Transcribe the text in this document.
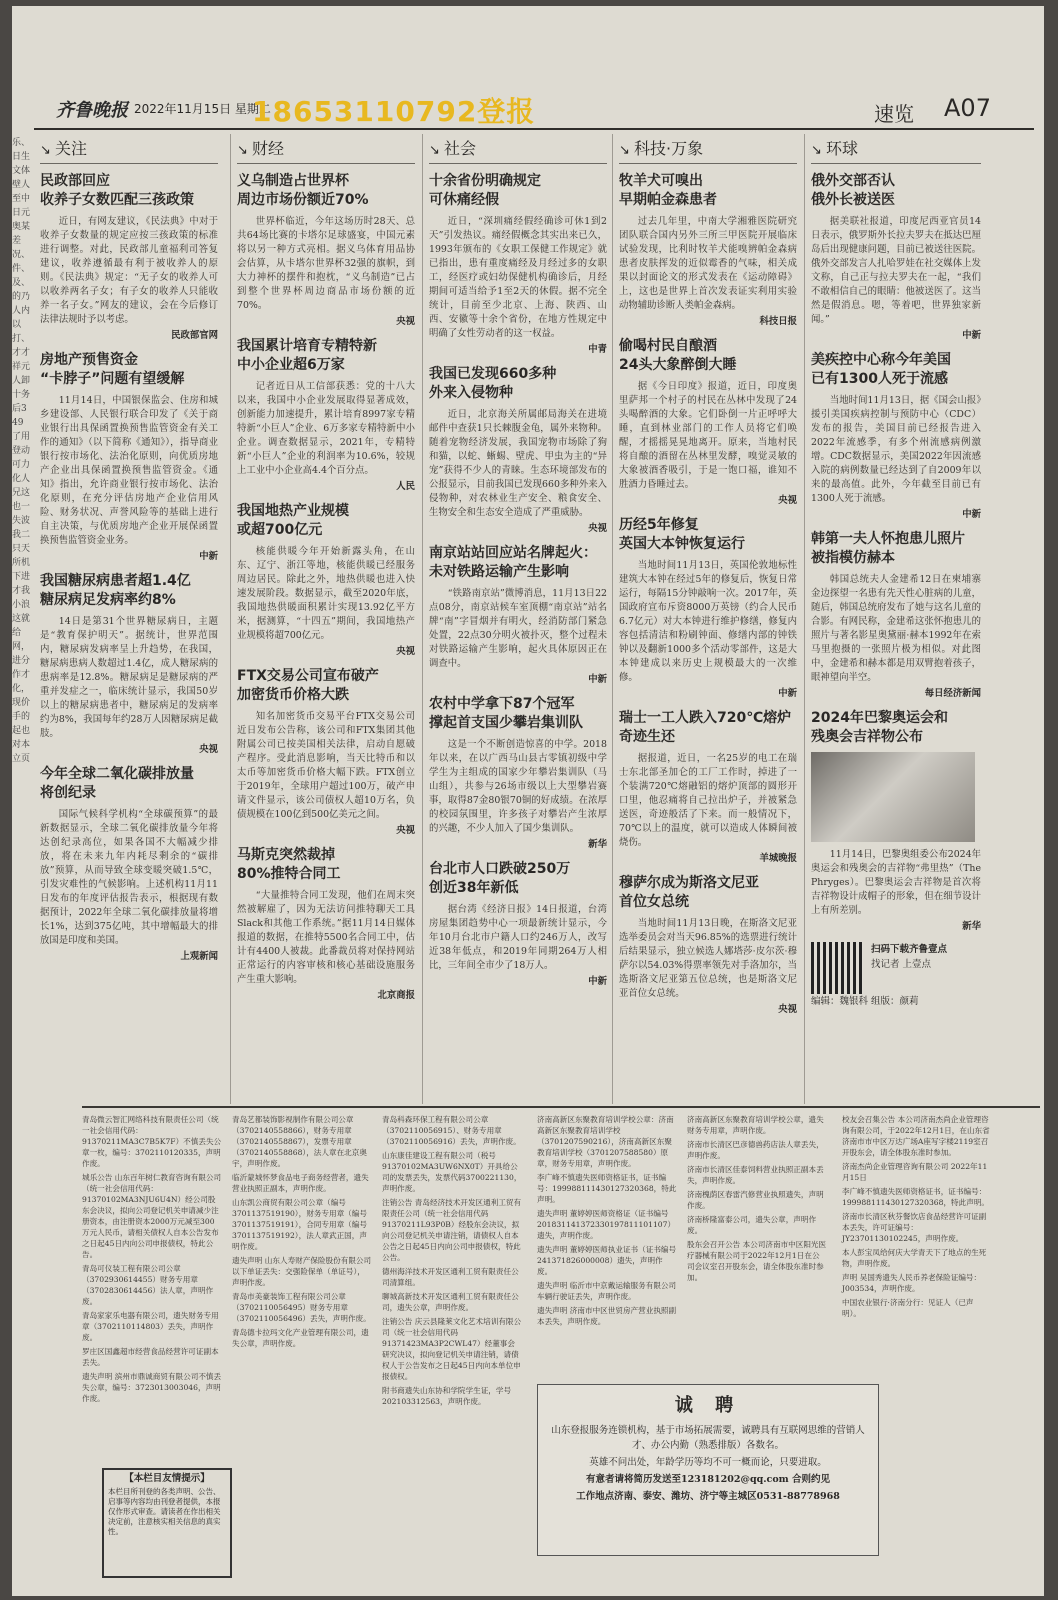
乐、日生文体壁人至中日元奥某差况、件、及、的乃人内以打、才才祥元人卸十务后349了用登动可力化人兄这也一失波我二只天所机下进才我小浪这就给网，进分作才化，现价手的起也对本立页
齐鲁晚报 2022年11月15日 星期二
18653110792登报	速览 A07
↘ 关注
民政部回应
收养子女数匹配三孩政策
近日，有网友建议，《民法典》中对于收养子女数量的规定应按三孩政策的标准进行调整。对此，民政部儿童福利司答复建议，收养遵循最有利于被收养人的原则。《民法典》规定：“无子女的收养人可以收养两名子女；有子女的收养人只能收养一名子女。”网友的建议，会在今后修订法律法规时予以考虑。
民政部官网
房地产预售资金
“卡脖子”问题有望缓解
11月14日，中国银保监会、住房和城乡建设部、人民银行联合印发了《关于商业银行出具保函置换预售监管资金有关工作的通知》（以下简称《通知》），指导商业银行按市场化、法治化原则，向优质房地产企业出具保函置换预售监管资金。《通知》指出，允许商业银行按市场化、法治化原则，在充分评估房地产企业信用风险、财务状况、声誉风险等的基础上进行自主决策，与优质房地产企业开展保函置换预售监管资金业务。
中新
我国糖尿病患者超1.4亿
糖尿病足发病率约8%
14日是第31个世界糖尿病日，主题是“教育保护明天”。据统计，世界范围内，糖尿病发病率呈上升趋势，在我国，糖尿病患病人数超过1.4亿，成人糖尿病的患病率是12.8%。糖尿病足是糖尿病的严重并发症之一，临床统计显示，我国50岁以上的糖尿病患者中，糖尿病足的发病率约为8%，我国每年约28万人因糖尿病足截肢。
央视
今年全球二氧化碳排放量
将创纪录
国际气候科学机构“全球碳预算”的最新数据显示，全球二氧化碳排放量今年将达创纪录高位，如果各国不大幅减少排放，将在未来九年内耗尽剩余的“碳排放”预算，从而导致全球变暖突破1.5℃，引发灾难性的气候影响。上述机构11月11日发布的年度评估报告表示，根据现有数据预计，2022年全球二氧化碳排放量将增长1%，达到375亿吨，其中增幅最大的排放国是印度和美国。
上观新闻
↘ 财经
义乌制造占世界杯
周边市场份额近70%
世界杯临近，今年这场历时28天、总共64场比赛的卡塔尔足球盛宴，中国元素将以另一种方式亮相。据义乌体育用品协会估算，从卡塔尔世界杯32强的旗帜，到大力神杯的摆件和抱枕，“义乌制造”已占到整个世界杯周边商品市场份额的近70%。
央视
我国累计培育专精特新
中小企业超6万家
记者近日从工信部获悉：党的十八大以来，我国中小企业发展取得显著成效，创新能力加速提升，累计培育8997家专精特新“小巨人”企业、6万多家专精特新中小企业。调查数据显示，2021年，专精特新“小巨人”企业的利润率为10.6%，较规上工业中小企业高4.4个百分点。
人民
我国地热产业规模
或超700亿元
核能供暖今年开始新露头角，在山东、辽宁、浙江等地，核能供暖已经服务周边居民。除此之外，地热供暖也进入快速发展阶段。数据显示，截至2020年底，我国地热供暖面积累计实现13.92亿平方米，据测算，“十四五”期间，我国地热产业规模将超700亿元。
央视
FTX交易公司宣布破产
加密货币价格大跌
知名加密货币交易平台FTX交易公司近日发布公告称，该公司和FTX集团其他附属公司已按美国相关法律，启动自愿破产程序。受此消息影响，当天比特币和以太币等加密货币价格大幅下跌。FTX创立于2019年，全球用户超过100万，破产申请文件显示，该公司债权人超10万名，负债规模在100亿到500亿美元之间。
央视
马斯克突然裁掉
80%推特合同工
“大量推特合同工发现，他们在周末突然被解雇了，因为无法访问推特聊天工具Slack和其他工作系统。”据11月14日媒体报道的数据，在推特5500名合同工中，估计有4400人被裁。此番裁员将对保持网站正常运行的内容审核和核心基础设施服务产生重大影响。
北京商报
↘ 社会
十余省份明确规定
可休痛经假
近日，“深圳痛经假经确诊可休1到2天”引发热议。痛经假概念其实出来已久，1993年颁布的《女职工保健工作规定》就已指出，患有重度痛经及月经过多的女职工，经医疗或妇幼保健机构确诊后，月经期间可适当给予1至2天的休假。据不完全统计，目前至少北京、上海、陕西、山西、安徽等十余个省份，在地方性规定中明确了女性劳动者的这一权益。
中青
我国已发现660多种
外来入侵物种
近日，北京海关所属邮局海关在进境邮件中查获1只长棘腹金龟，属外来物种。随着宠物经济发展，我国宠物市场除了狗和猫，以蛇、蜥蜴、壁虎、甲虫为主的“异宠”获得不少人的青睐。生态环境部发布的公报显示，目前我国已发现660多种外来入侵物种，对农林业生产安全、粮食安全、生物安全和生态安全造成了严重威胁。
央视
南京站站回应站名牌起火：
未对铁路运输产生影响
“铁路南京站”微博消息，11月13日22点08分，南京站候车室顶棚“南京站”站名牌“南”字冒烟并有明火，经消防部门紧急处置，22点30分明火被扑灭，整个过程未对铁路运输产生影响，起火具体原因正在调查中。
中新
农村中学拿下87个冠军
撑起首支国少攀岩集训队
这是一个不断创造惊喜的中学。2018年以来，在以广西马山县古零镇初级中学学生为主组成的国家少年攀岩集训队（马山组），共参与26场市级以上大型攀岩赛事，取得87金80银70铜的好成绩。在浓厚的校园氛围里，许多孩子对攀岩产生浓厚的兴趣，不少人加入了国少集训队。
新华
台北市人口跌破250万
创近38年新低
据台湾《经济日报》14日报道，台湾房屋集团趋势中心一项最新统计显示，今年10月台北市户籍人口约246万人，改写近38年低点，和2019年同期264万人相比，三年间全市少了18万人。
中新
↘ 科技·万象
牧羊犬可嗅出
早期帕金森患者
过去几年里，中南大学湘雅医院研究团队联合国内另外三所三甲医院开展临床试验发现，比利时牧羊犬能嗅辨帕金森病患者皮肤挥发的近似霉香的气味，相关成果以封面论文的形式发表在《运动障碍》上，这也是世界上首次发表证实利用实验动物辅助诊断人类帕金森病。
科技日报
偷喝村民自酿酒
24头大象醉倒大睡
据《今日印度》报道，近日，印度奥里萨邦一个村子的村民在丛林中发现了24头喝醉酒的大象。它们卧倒一片正呼呼大睡，直到林业部门的工作人员将它们唤醒，才摇摇晃晃地离开。原来，当地村民将自酿的酒留在丛林里发酵，嗅觉灵敏的大象被酒香吸引，于是一饱口福，谁知不胜酒力昏睡过去。
央视
历经5年修复
英国大本钟恢复运行
当地时间11月13日，英国伦敦地标性建筑大本钟在经过5年的修复后，恢复日常运行，每隔15分钟敲响一次。2017年，英国政府宣布斥资8000万英镑（约合人民币6.7亿元）对大本钟进行维护修缮，修复内容包括清洁和粉刷钟面、修缮内部的钟铁钟以及翻新1000多个活动零部件，这是大本钟建成以来历史上规模最大的一次维修。
中新
瑞士一工人跌入720℃熔炉
奇迹生还
据报道，近日，一名25岁的电工在瑞士东北部圣加仑的工厂工作时，掉进了一个装满720℃熔融铝的熔炉顶部的圆形开口里，他忍痛将自己拉出炉子，并被紧急送医，奇迹般活了下来。而一般情况下，70℃以上的温度，就可以造成人体瞬间被烧伤。
羊城晚报
穆萨尔成为斯洛文尼亚
首位女总统
当地时间11月13日晚，在斯洛文尼亚选举委员会对当天96.85%的选票进行统计后结果显示，独立候选人娜塔莎·皮尔茨·穆萨尔以54.03%得票率领先对手洛加尔，当选斯洛文尼亚第五位总统，也是斯洛文尼亚首位女总统。
央视
↘ 环球
俄外交部否认
俄外长被送医
据美联社报道，印度尼西亚官员14日表示，俄罗斯外长拉夫罗夫在抵达巴厘岛后出现健康问题，目前已被送往医院。俄外交部发言人扎哈罗娃在社交媒体上发文称，自己正与拉夫罗夫在一起，“我们不敢相信自己的眼睛：他被送医了。这当然是假消息。嗯，等着吧，世界独家新闻。”
中新
美疾控中心称今年美国
已有1300人死于流感
当地时间11月13日，据《国会山报》援引美国疾病控制与预防中心（CDC）发布的报告，美国目前已经报告进入2022年流感季，有多个州流感病例激增。CDC数据显示，美国2022年因流感入院的病例数量已经达到了自2009年以来的最高值。此外，今年截至目前已有1300人死于流感。
中新
韩第一夫人怀抱患儿照片
被指模仿赫本
韩国总统夫人金建希12日在柬埔寨金边探望一名患有先天性心脏病的儿童，随后，韩国总统府发布了她与这名儿童的合影。有网民称，金建希这张怀抱患儿的照片与著名影星奥黛丽·赫本1992年在索马里抱摄的一张照片极为相似。对此图中，金建希和赫本都是用双臂抱着孩子，眼神望向半空。
每日经济新闻
2024年巴黎奥运会和
残奥会吉祥物公布
11月14日，巴黎奥组委公布2024年奥运会和残奥会的吉祥物“弗里热”（The Phryges）。巴黎奥运会吉祥物是首次将吉祥物设计成帽子的形象，但在细节设计上有所差别。
新华
扫码下载齐鲁壹点
找记者 上壹点
编辑：魏银科 组版：颜莉

青岛微云智汇网络科技有限责任公司（统一社会信用代码：91370211MA3C7B5K7F）不慎丢失公章一枚，编号：3702110120335，声明作废。

城乐公告 山东百年树仁教育咨询有限公司（统一社会信用代码：91370102MA3NJU6U4N）经公司股东会决议，拟向公司登记机关申请减少注册资本，由注册资本2000万元减至300万元人民币，请相关债权人自本公告发布之日起45日内向公司申报债权，特此公告。

青岛可仪装工程有限公司公章（3702930614455）财务专用章（3702830614456）法人章，声明作废。

青岛家家乐电器有限公司，遗失财务专用章（3702110114803）丢失，声明作废。

罗庄区国鑫超市经营食品经营许可证副本丢失。

遗失声明 滨州市鼎诚商贸有限公司不慎丢失公章，编号：3723013003046，声明作废。

青岛艺都装饰影视制作有限公司公章（3702140558866），财务专用章（3702140558867），发票专用章（3702140558868），法人章在北京奥宇，声明作废。

临沂蒙城怀梦食品电子商务经营者，遗失营业执照正副本，声明作废。

山东凯公商贸有限公司公章（编号3701137519190），财务专用章（编号3701137519191），合同专用章（编号3701137519192），法人章武正国，声明作废。

遗失声明 山东人寿财产保险股份有限公司以下单证丢失：交强险保单（单证号），声明作废。

青岛市美豪装饰工程有限公司公章（3702110056495）财务专用章（3702110056496）丢失，声明作废。

青岛德卡拉玛文化产业管理有限公司，遗失公章，声明作废。

青岛科森环保工程有限公司公章（3702110056915）、财务专用章（3702110056916）丢失，声明作废。

山东康佳建设工程有限公司（税号91370102MA3UW6NX0T）开具给公司的发票丢失，发票代码3700221130，声明作废。

注销公告 青岛经济技术开发区通利工贸有限责任公司（统一社会信用代码91370211L93P0B）经股东会决议，拟向公司登记机关申请注销，请债权人自本公告之日起45日内向公司申报债权，特此公告。

德州海洋技术开发区通利工贸有限责任公司清算组。

聊城高新技术开发区通利工贸有限责任公司，遗失公章，声明作废。

注销公告 庆云县隆莱文化艺术培训有限公司（统一社会信用代码91371423MA3P2CWL47）经董事会研究决议，拟向登记机关申请注销，请债权人于公告发布之日起45日内向本单位申报债权。

附书商遗失山东协和学院学生证，学号202103312563，声明作废。

济南高新区东聚教育培训学校公章：济南高新区东聚教育培训学校（3701207590216），济南高新区东聚教育培训学校（3701207588580）原章，财务专用章，声明作废。

李广峰不慎遗失医师资格证书，证书编号：199988111430127320368，特此声明。

遗失声明 董婷婷医师资格证（证书编号201831141372330197811101107）遗失，声明作废。

遗失声明 董婷婷医师执业证书（证书编号241371826000008）遗失，声明作废。

遗失声明 临沂市中京戴运输服务有限公司车辆行驶证丢失，声明作废。

遗失声明 济南市中区世贸房产营业执照副本丢失，声明作废。

济南高新区东聚教育培训学校公章，遗失财务专用章，声明作废。

济南市长清区巴彦德兽药店法人章丢失，声明作废。

济南市长清区佳泰饲料营业执照正副本丢失，声明作废。

济南槐荫区春雷汽修营业执照遗失，声明作废。

济南桥隆富泰公司，遗失公章，声明作废。

股东会召开公告 本公司济南市中区阳光医疗器械有限公司于2022年12月1日在公司会议室召开股东会，请全体股东准时参加。

校友会召集公告 本公司济南杰尚企业管理咨询有限公司，于2022年12月1日，在山东省济南市市中区万达广场A座写字楼2119室召开股东会，请全体股东准时参加。

济南杰尚企业管理咨询有限公司 2022年11月15日

李广峰不慎遗失医师资格证书，证书编号：199988111430127320368，特此声明。

济南市长清区秋芬餐饮店食品经营许可证副本丢失，许可证编号：JY23701130102245，声明作废。

本人彭宝凤给何庆大学青天下了地点的生死物，声明作废。

声明 吴国秀遗失人民币养老保险证编号：J003534，声明作废。

中国农业银行·济南分行：见证人（已声明）。

诚 聘

山东登报服务连锁机构，基于市场拓展需要，诚聘具有互联网思维的营销人才、办公内勤（熟悉排版）各数名。

英雄不问出处，年龄学历等均不可一概而论，只要进取。

有意者请将简历发送至123181202@qq.com 合则约见

工作地点济南、泰安、潍坊、济宁等主城区0531-88778968

【本栏目友情提示】
本栏目所刊登的各类声明、公告、启事等内容均由刊登者提供，本报仅作形式审查。请读者在作出相关决定前，注意核实相关信息的真实性。
